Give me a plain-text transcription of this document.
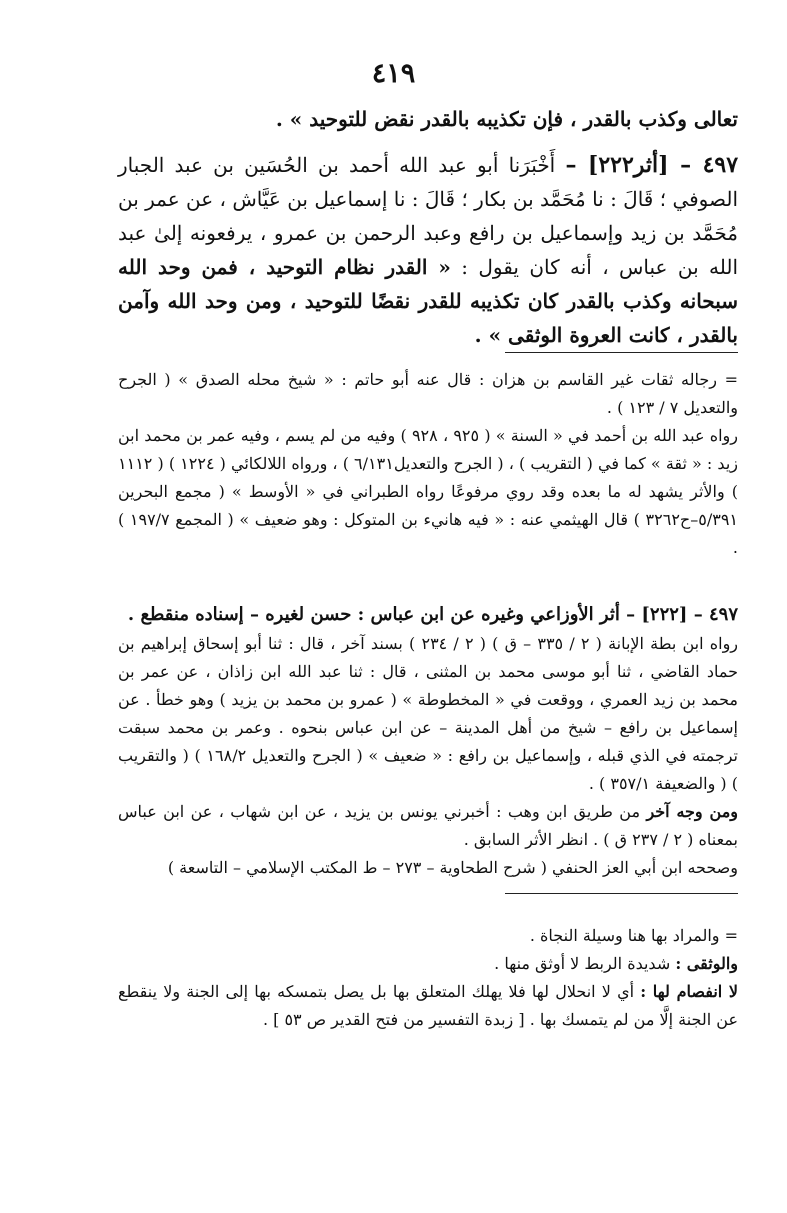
٤١٩

تعالى وكذب بالقدر ، فإن تكذيبه بالقدر نقض للتوحيد » .

٤٩٧ – [أثر٢٢٢] – أَخْبَرَنا أبو عبد الله أحمد بن الحُسَين بن عبد الجبار الصوفي ؛ قَالَ : نا مُحَمَّد بن بكار ؛ قَالَ : نا إسماعيل بن عَيَّاش ، عن عمر بن مُحَمَّد بن زيد وإسماعيل بن رافع وعبد الرحمن بن عمرو ، يرفعونه إلىٰ عبد الله بن عباس ، أنه كان يقول : « القدر نظام التوحيد ، فمن وحد الله سبحانه وكذب بالقدر كان تكذيبه للقدر نقضًا للتوحيد ، ومن وحد الله وآمن بالقدر ، كانت العروة الوثقى » .

= رجاله ثقات غير القاسم بن هزان : قال عنه أبو حاتم : « شيخ محله الصدق » ( الجرح والتعديل ٧ / ١٢٣ ) .

رواه عبد الله بن أحمد في « السنة » ( ٩٢٥ ، ٩٢٨ ) وفيه من لم يسم ، وفيه عمر بن محمد ابن زيد : « ثقة » كما في ( التقريب ) ، ( الجرح والتعديل٦/١٣١ ) ، ورواه اللالكائي ( ١٢٢٤ ) ( ١١١٢ ) والأثر يشهد له ما بعده وقد روي مرفوعًا رواه الطبراني في « الأوسط » ( مجمع البحرين ٥/٣٩١–ح٣٢٦٢ ) قال الهيثمي عنه : « فيه هانيء بن المتوكل : وهو ضعيف » ( المجمع ١٩٧/٧ ) .

٤٩٧ – [٢٢٢] – أثر الأوزاعي وغيره عن ابن عباس : حسن لغيره – إسناده منقطع .

رواه ابن بطة الإبانة ( ٢ / ٣٣٥ – ق ) ( ٢ / ٢٣٤ ) بسند آخر ، قال : ثنا أبو إسحاق إبراهيم بن حماد القاضي ، ثنا أبو موسى محمد بن المثنى ، قال : ثنا عبد الله ابن زاذان ، عن عمر بن محمد بن زيد العمري ، ووقعت في « المخطوطة » ( عمرو بن محمد بن يزيد ) وهو خطأ . عن إسماعيل بن رافع – شيخ من أهل المدينة – عن ابن عباس بنحوه . وعمر بن محمد سبقت ترجمته في الذي قبله ، وإسماعيل بن رافع : « ضعيف » ( الجرح والتعديل ١٦٨/٢ ) ( والتقريب ) ( والضعيفة ٣٥٧/١ ) .

ومن وجه آخر من طريق ابن وهب : أخبرني يونس بن يزيد ، عن ابن شهاب ، عن ابن عباس بمعناه ( ٢ / ٢٣٧ ق ) . انظر الأثر السابق .

وصححه ابن أبي العز الحنفي ( شرح الطحاوية – ٢٧٣ – ط المكتب الإسلامي – التاسعة )

= والمراد بها هنا وسيلة النجاة .

والوثقى : شديدة الربط لا أوثق منها .

لا انفصام لها : أي لا انحلال لها فلا يهلك المتعلق بها بل يصل بتمسكه بها إلى الجنة ولا ينقطع عن الجنة إلَّا من لم يتمسك بها . [ زبدة التفسير من فتح القدير ص ٥٣ ] .
